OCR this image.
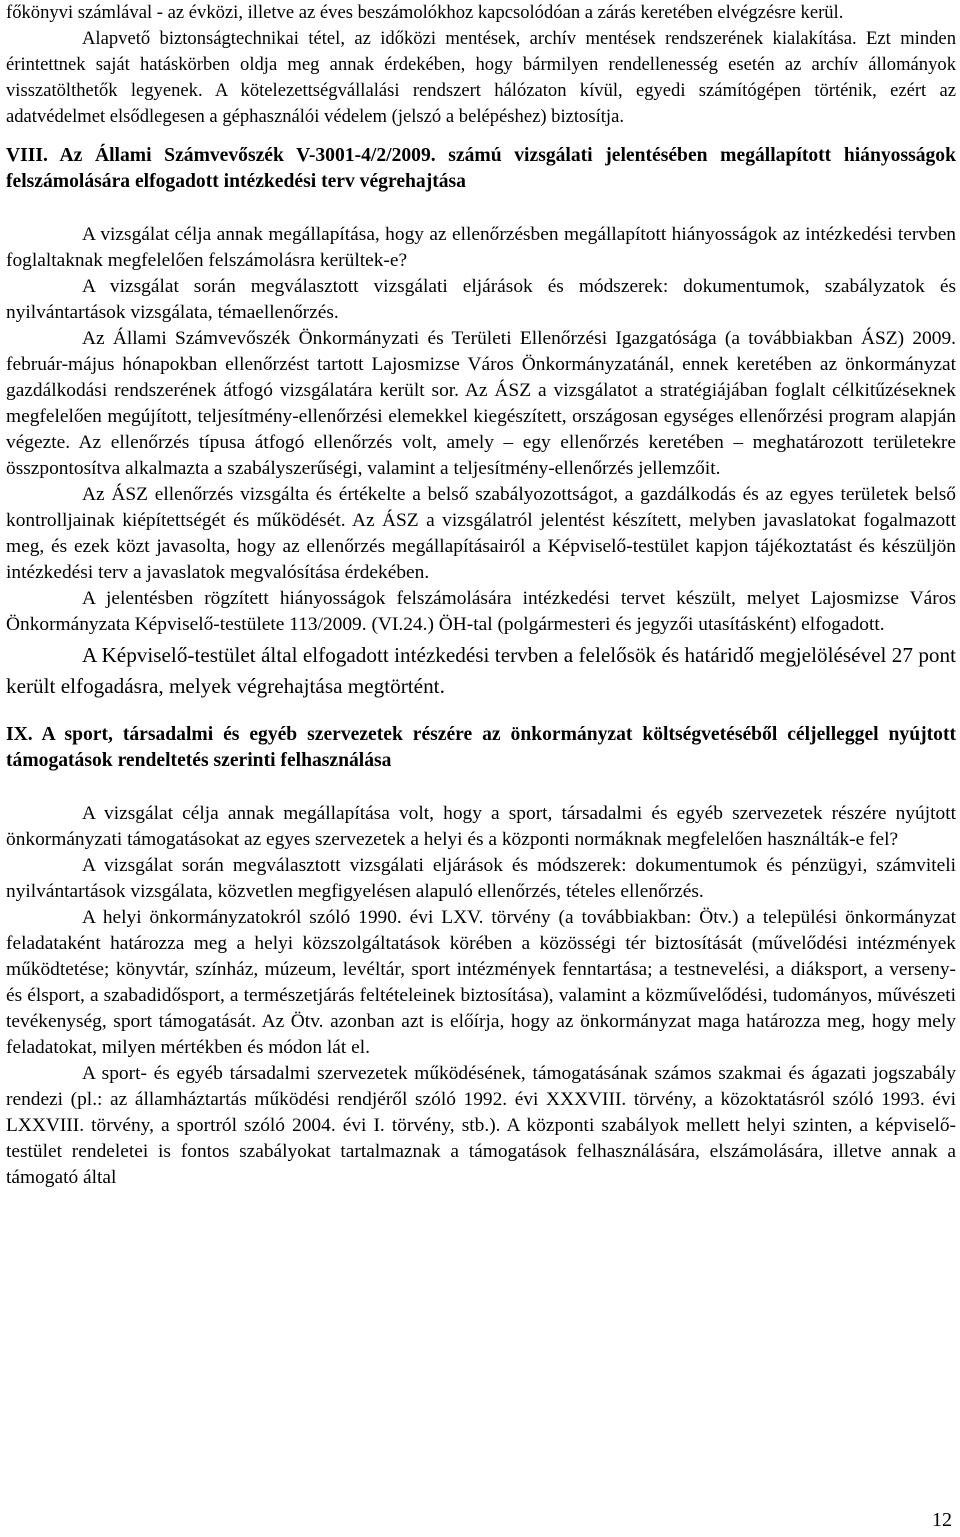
főkönyvi számlával - az évközi, illetve az éves beszámolókhoz kapcsolódóan a zárás keretében elvégzésre kerül.

Alapvető biztonságtechnikai tétel, az időközi mentések, archív mentések rendszerének kialakítása. Ezt minden érintettnek saját hatáskörben oldja meg annak érdekében, hogy bármilyen rendellenesség esetén az archív állományok visszatölthetők legyenek. A kötelezettségvállalási rendszert hálózaton kívül, egyedi számítógépen történik, ezért az adatvédelmet elsődlegesen a géphasználói védelem (jelszó a belépéshez) biztosítja.

VIII. Az Állami Számvevőszék V-3001-4/2/2009. számú vizsgálati jelentésében megállapított hiányosságok felszámolására elfogadott intézkedési terv végrehajtása

A vizsgálat célja annak megállapítása, hogy az ellenőrzésben megállapított hiányosságok az intézkedési tervben foglaltaknak megfelelően felszámolásra kerültek-e?

A vizsgálat során megválasztott vizsgálati eljárások és módszerek: dokumentumok, szabályzatok és nyilvántartások vizsgálata, témaellenőrzés.

Az Állami Számvevőszék Önkormányzati és Területi Ellenőrzési Igazgatósága (a továbbiakban ÁSZ) 2009. február-május hónapokban ellenőrzést tartott Lajosmizse Város Önkormányzatánál, ennek keretében az önkormányzat gazdálkodási rendszerének átfogó vizsgálatára került sor. Az ÁSZ a vizsgálatot a stratégiájában foglalt célkitűzéseknek megfelelően megújított, teljesítmény-ellenőrzési elemekkel kiegészített, országosan egységes ellenőrzési program alapján végezte. Az ellenőrzés típusa átfogó ellenőrzés volt, amely – egy ellenőrzés keretében – meghatározott területekre összpontosítva alkalmazta a szabályszerűségi, valamint a teljesítmény-ellenőrzés jellemzőit.

Az ÁSZ ellenőrzés vizsgálta és értékelte a belső szabályozottságot, a gazdálkodás és az egyes területek belső kontrolljainak kiépítettségét és működését. Az ÁSZ a vizsgálatról jelentést készített, melyben javaslatokat fogalmazott meg, és ezek közt javasolta, hogy az ellenőrzés megállapításairól a Képviselő-testület kapjon tájékoztatást és készüljön intézkedési terv a javaslatok megvalósítása érdekében.

A jelentésben rögzített hiányosságok felszámolására intézkedési tervet készült, melyet Lajosmizse Város Önkormányzata Képviselő-testülete 113/2009. (VI.24.) ÖH-tal (polgármesteri és jegyzői utasításként) elfogadott.

A Képviselő-testület által elfogadott intézkedési tervben a felelősök és határidő megjelölésével 27 pont került elfogadásra, melyek végrehajtása megtörtént.

IX. A sport, társadalmi és egyéb szervezetek részére az önkormányzat költségvetéséből céljelleggel nyújtott támogatások rendeltetés szerinti felhasználása

A vizsgálat célja annak megállapítása volt, hogy a sport, társadalmi és egyéb szervezetek részére nyújtott önkormányzati támogatásokat az egyes szervezetek a helyi és a központi normáknak megfelelően használták-e fel?

A vizsgálat során megválasztott vizsgálati eljárások és módszerek: dokumentumok és pénzügyi, számviteli nyilvántartások vizsgálata, közvetlen megfigyelésen alapuló ellenőrzés, tételes ellenőrzés.

A helyi önkormányzatokról szóló 1990. évi LXV. törvény (a továbbiakban: Ötv.) a települési önkormányzat feladataként határozza meg a helyi közszolgáltatások körében a közösségi tér biztosítását (művelődési intézmények működtetése; könyvtár, színház, múzeum, levéltár, sport intézmények fenntartása; a testnevelési, a diáksport, a verseny- és élsport, a szabadidősport, a természetjárás feltételeinek biztosítása), valamint a közművelődési, tudományos, művészeti tevékenység, sport támogatását. Az Ötv. azonban azt is előírja, hogy az önkormányzat maga határozza meg, hogy mely feladatokat, milyen mértékben és módon lát el.

A sport- és egyéb társadalmi szervezetek működésének, támogatásának számos szakmai és ágazati jogszabály rendezi (pl.: az államháztartás működési rendjéről szóló 1992. évi XXXVIII. törvény, a közoktatásról szóló 1993. évi LXXVIII. törvény, a sportról szóló 2004. évi I. törvény, stb.). A központi szabályok mellett helyi szinten, a képviselő-testület rendeletei is fontos szabályokat tartalmaznak a támogatások felhasználására, elszámolására, illetve annak a támogató által

12
